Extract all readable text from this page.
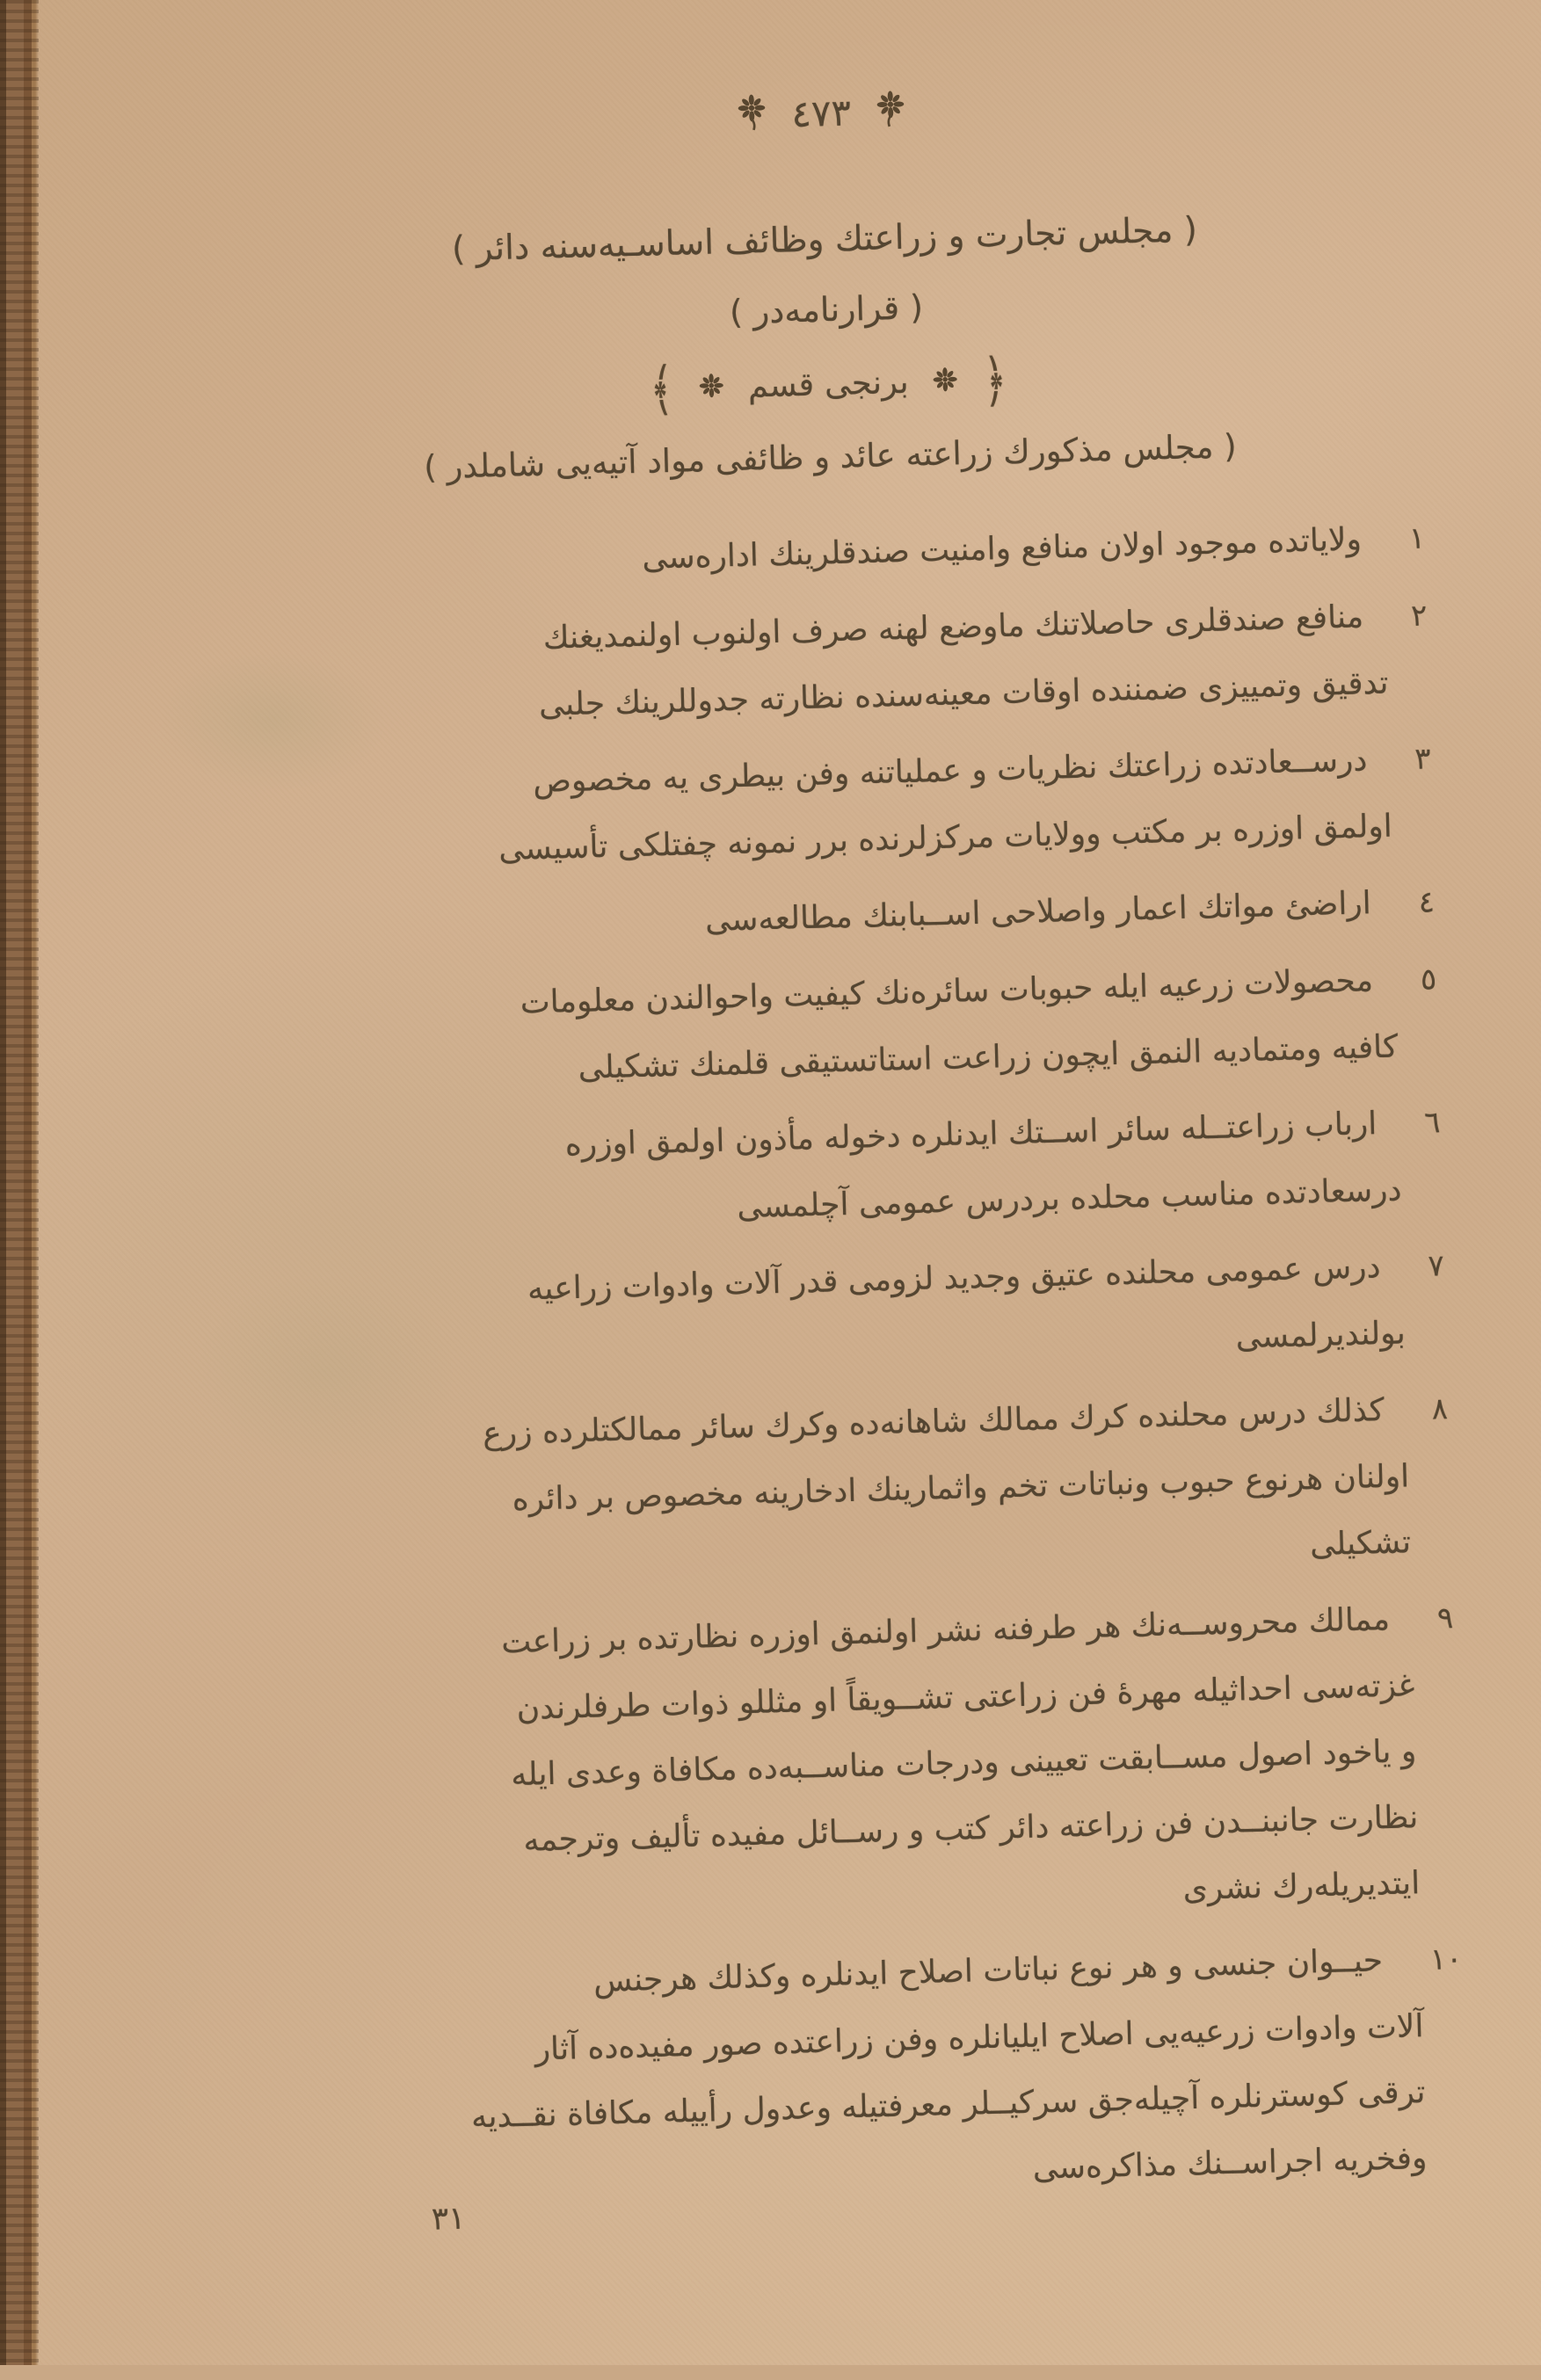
٤٧٣
( مجلس تجارت و زراعتك وظائف اساسـيه‌سنه دائر )
( قرارنامه‌در )
﴿  برنجى قسم  ﴾
( مجلس مذكورك زراعته عائد و ظائفى مواد آتيه‌يى شاملدر )
١ولاياتده موجود اولان منافع وامنيت صندقلرينك اداره‌سى
٢منافع صندقلرى حاصلاتنك ماوضع لهنه صرف اولنوب اولنمديغنك
تدقيق وتمييزى ضمننده اوقات معينه‌سنده نظارته جدوللرينك جلبى
٣درســعادتده زراعتك نظريات و عملياتنه وفن بيطرى يه مخصوص
اولمق اوزره بر مكتب وولايات مركزلرنده برر نمونه چفتلكى تأسيسى
٤اراضئ مواتك اعمار واصلاحى اســبابنك مطالعه‌سى
٥محصولات زرعيه ايله حبوبات سائره‌نك كيفيت واحوالندن معلومات
كافيه ومتماديه النمق ايچون زراعت استاتستيقى قلمنك تشكيلى
٦ارباب زراعتــله سائر اســتك ايدنلره دخوله مأذون اولمق اوزره
درسعادتده مناسب محلده بردرس عمومى آچلمسى
٧درس عمومى محلنده عتيق وجديد لزومى قدر آلات وادوات زراعيه
بولنديرلمسى
٨كذلك درس محلنده كرك ممالك شاهانه‌ده وكرك سائر ممالكتلرده زرع
اولنان هرنوع حبوب ونباتات تخم واثمارينك ادخارينه مخصوص بر دائره
تشكيلى
٩ممالك محروســه‌نك هر طرفنه نشر اولنمق اوزره نظارتده بر زراعت
غزته‌سى احداثيله مهرهٔ فن زراعتى تشــويقاً او مثللو ذوات طرفلرندن
و ياخود اصول مســابقت تعيينى ودرجات مناســبه‌ده مكافاة وعدى ايله
نظارت جانبنــدن فن زراعته دائر كتب و رســائل مفيده تأليف وترجمه
ايتديريله‌رك نشرى
١٠حيــوان جنسى و هر نوع نباتات اصلاح ايدنلره وكذلك هرجنس
آلات وادوات زرعيه‌يى اصلاح ايليانلره وفن زراعتده صور مفيده‌ده آثار
ترقى كوسترنلره آچيله‌جق سركيــلر معرفتيله وعدول رأييله مكافاة نقــديه
وفخريه اجراســنك مذاكره‌سى
٣١
